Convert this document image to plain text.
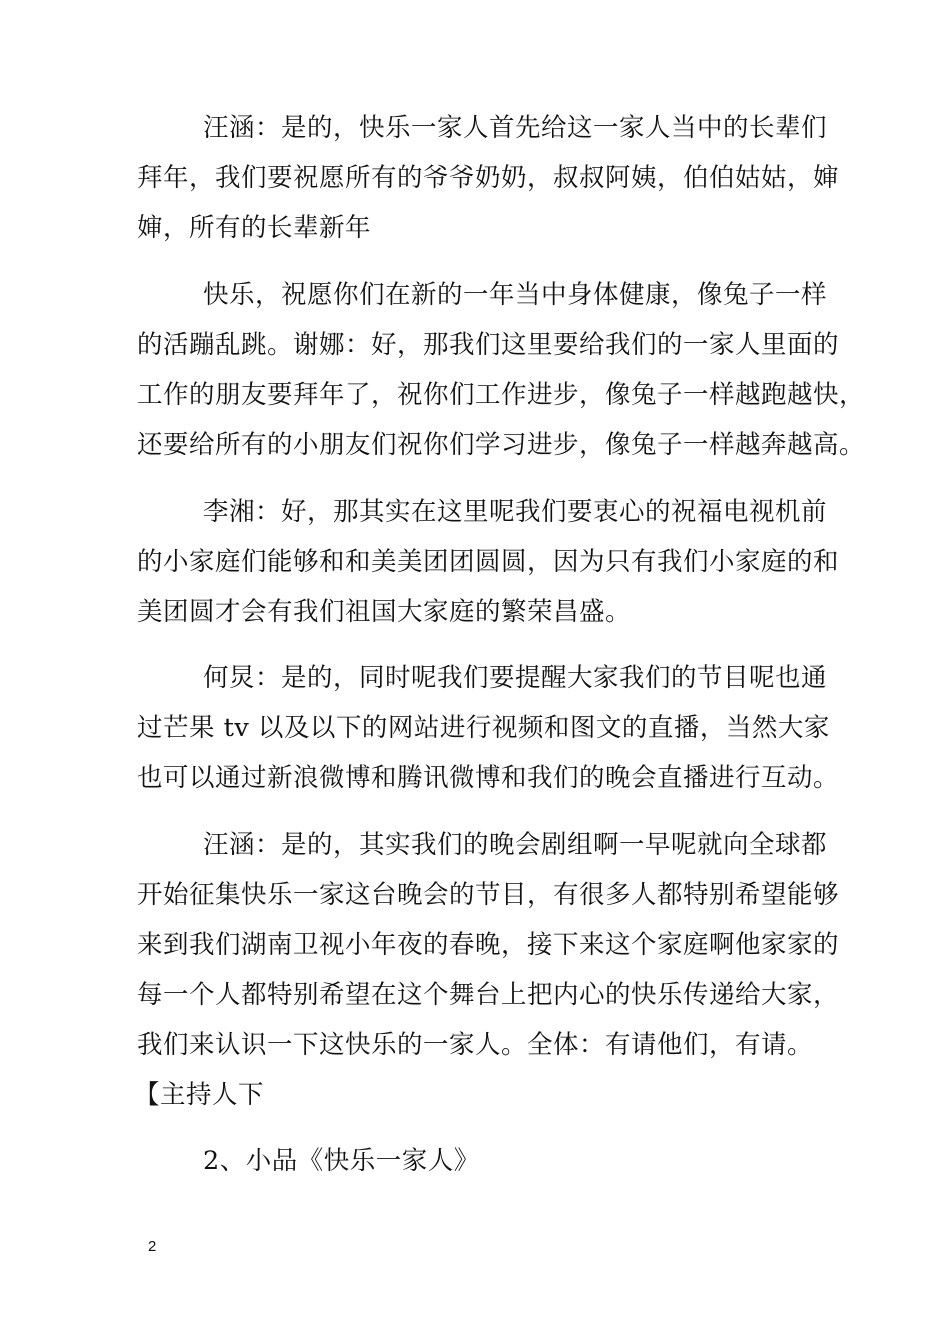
汪涵：是的，快乐一家人首先给这一家人当中的长辈们
拜年，我们要祝愿所有的爷爷奶奶，叔叔阿姨，伯伯姑姑，婶
婶，所有的长辈新年
快乐，祝愿你们在新的一年当中身体健康，像兔子一样
的活蹦乱跳。谢娜：好，那我们这里要给我们的一家人里面的
工作的朋友要拜年了，祝你们工作进步，像兔子一样越跑越快，
还要给所有的小朋友们祝你们学习进步，像兔子一样越奔越高。
李湘：好，那其实在这里呢我们要衷心的祝福电视机前
的小家庭们能够和和美美团团圆圆，因为只有我们小家庭的和
美团圆才会有我们祖国大家庭的繁荣昌盛。
何炅：是的，同时呢我们要提醒大家我们的节目呢也通
过芒果 tv 以及以下的网站进行视频和图文的直播，当然大家
也可以通过新浪微博和腾讯微博和我们的晚会直播进行互动。
汪涵：是的，其实我们的晚会剧组啊一早呢就向全球都
开始征集快乐一家这台晚会的节目，有很多人都特别希望能够
来到我们湖南卫视小年夜的春晚，接下来这个家庭啊他家家的
每一个人都特别希望在这个舞台上把内心的快乐传递给大家，
我们来认识一下这快乐的一家人。全体：有请他们，有请。
【主持人下
2、小品《快乐一家人》
2
